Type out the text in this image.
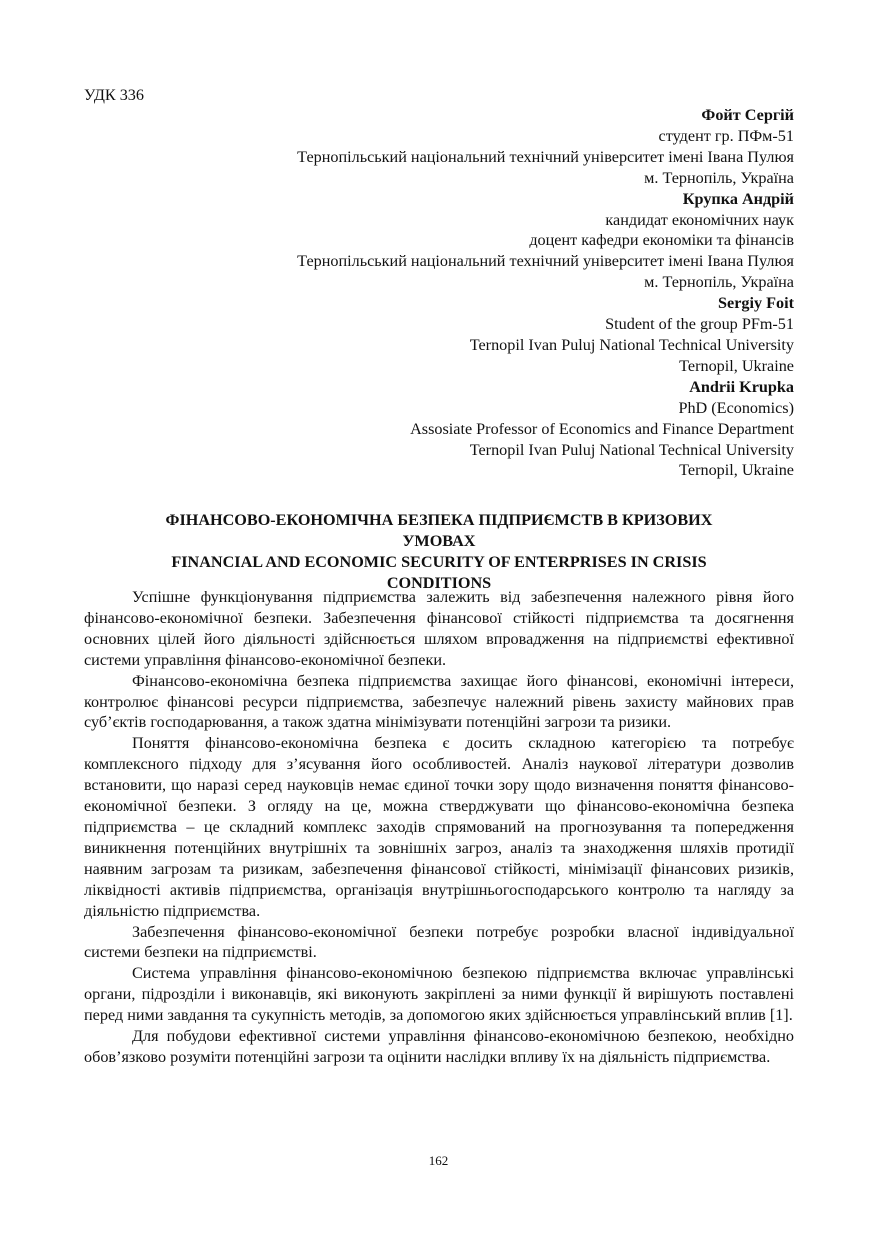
УДК 336
Фойт Сергій
студент гр. ПФм-51
Тернопільський національний технічний університет імені Івана Пулюя
м. Тернопіль, Україна
Крупка Андрій
кандидат економічних наук
доцент кафедри економіки та фінансів
Тернопільський національний технічний університет імені Івана Пулюя
м. Тернопіль, Україна
Sergiy Foit
Student of the group PFm-51
Ternopil Ivan Puluj National Technical University
Ternopil, Ukraine
Andrii Krupka
PhD (Economics)
Assosiate Professor of Economics and Finance Department
Ternopil Ivan Puluj National Technical University
Ternopil, Ukraine
ФІНАНСОВО-ЕКОНОМІЧНА БЕЗПЕКА ПІДПРИЄМСТВ В КРИЗОВИХ
УМОВАХ
FINANCIAL AND ECONOMIC SECURITY OF ENTERPRISES IN CRISIS
CONDITIONS

Успішне функціонування підприємства залежить від забезпечення належного рівня його фінансово-економічної безпеки. Забезпечення фінансової стійкості підприємства та досягнення основних цілей його діяльності здійснюється шляхом впровадження на підприємстві ефективної системи управління фінансово-економічної безпеки.

Фінансово-економічна безпека підприємства захищає його фінансові, економічні інтереси, контролює фінансові ресурси підприємства, забезпечує належний рівень захисту майнових прав суб’єктів господарювання, а також здатна мінімізувати потенційні загрози та ризики.

Поняття фінансово-економічна безпека є досить складною категорією та потребує комплексного підходу для з’ясування його особливостей. Аналіз наукової літератури дозволив встановити, що наразі серед науковців немає єдиної точки зору щодо визначення поняття фінансово-економічної безпеки. З огляду на це, можна стверджувати що фінансово-економічна безпека підприємства – це складний комплекс заходів спрямований на прогнозування та попередження виникнення потенційних внутрішніх та зовнішніх загроз, аналіз та знаходження шляхів протидії наявним загрозам та ризикам, забезпечення фінансової стійкості, мінімізації фінансових ризиків, ліквідності активів підприємства, організація внутрішньогосподарського контролю та нагляду за діяльністю підприємства.

Забезпечення фінансово-економічної безпеки потребує розробки власної індивідуальної системи безпеки на підприємстві.

Система управління фінансово-економічною безпекою підприємства включає управлінські органи, підрозділи і виконавців, які виконують закріплені за ними функції й вирішують поставлені перед ними завдання та сукупність методів, за допомогою яких здійснюється управлінський вплив [1].

Для побудови ефективної системи управління фінансово-економічною безпекою, необхідно обов’язково розуміти потенційні загрози та оцінити наслідки впливу їх на діяльність підприємства.

162
